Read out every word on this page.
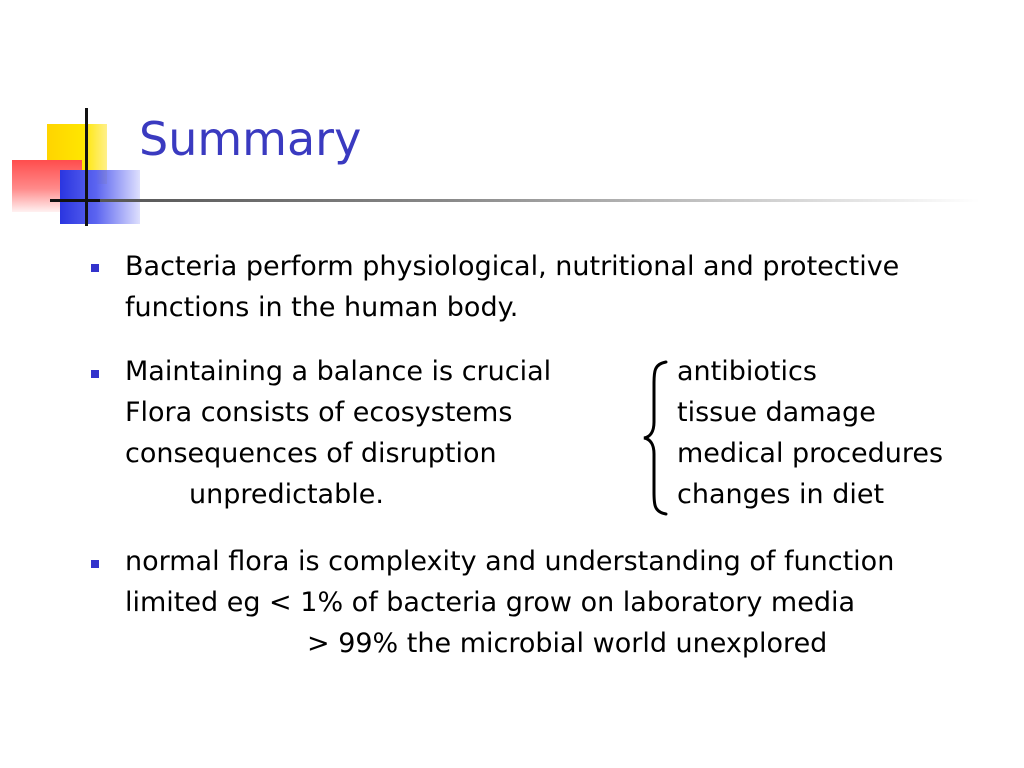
Summary
Bacteria perform physiological, nutritional and protective
functions in the human body.
Maintaining a balance is crucial
Flora consists of ecosystems
consequences of disruption
unpredictable.
antibiotics
tissue damage
medical procedures
changes in diet
normal flora is complexity and understanding of function
limited eg < 1% of bacteria grow on laboratory media
> 99% the microbial world unexplored
